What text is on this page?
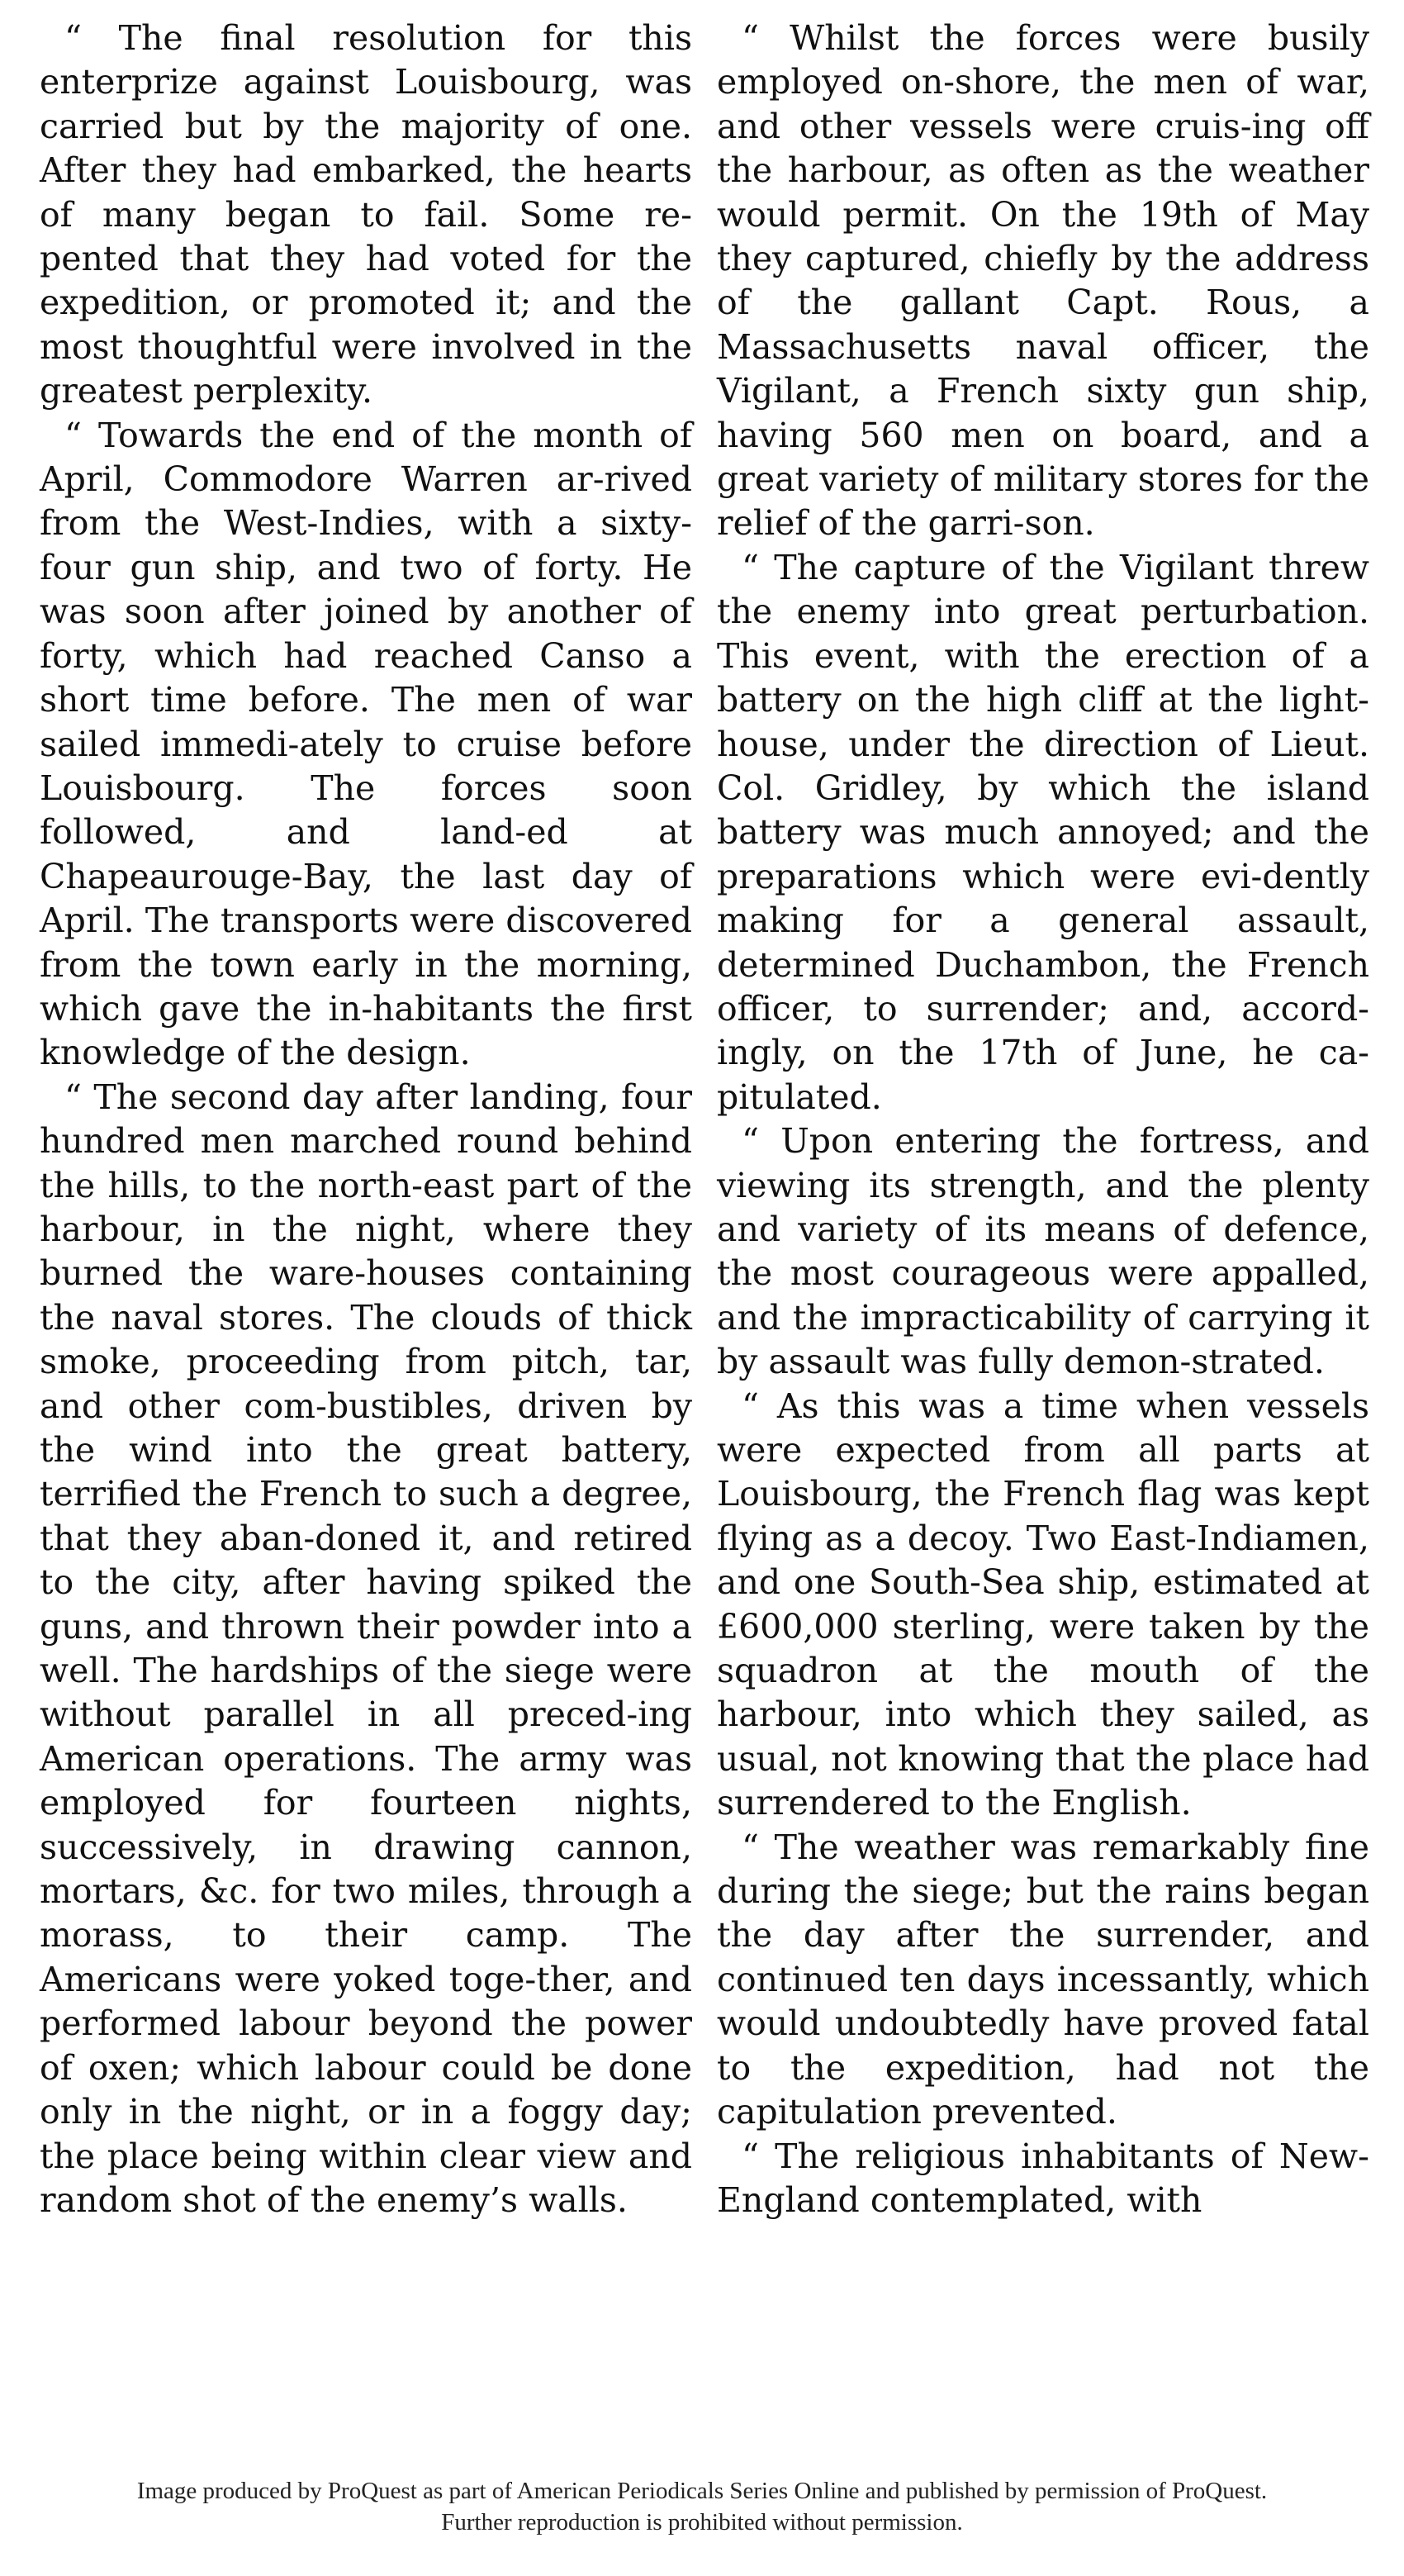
“ The final resolution for this enterprize against Louisbourg, was carried but by the majority of one. After they had embarked, the hearts of many began to fail. Some re-pented that they had voted for the expedition, or promoted it; and the most thoughtful were involved in the greatest perplexity.

“ Towards the end of the month of April, Commodore Warren ar-rived from the West-Indies, with a sixty-four gun ship, and two of forty. He was soon after joined by another of forty, which had reached Canso a short time before. The men of war sailed immedi-ately to cruise before Louisbourg. The forces soon followed, and land-ed at Chapeaurouge-Bay, the last day of April. The transports were discovered from the town early in the morning, which gave the in-habitants the first knowledge of the design.

“ The second day after landing, four hundred men marched round behind the hills, to the north-east part of the harbour, in the night, where they burned the ware-houses containing the naval stores. The clouds of thick smoke, proceeding from pitch, tar, and other com-bustibles, driven by the wind into the great battery, terrified the French to such a degree, that they aban-doned it, and retired to the city, after having spiked the guns, and thrown their powder into a well. The hardships of the siege were without parallel in all preced-ing American operations. The army was employed for fourteen nights, successively, in drawing cannon, mortars, &c. for two miles, through a morass, to their camp. The Americans were yoked toge-ther, and performed labour beyond the power of oxen; which labour could be done only in the night, or in a foggy day; the place being within clear view and random shot of the enemy’s walls.

“ Whilst the forces were busily employed on-shore, the men of war, and other vessels were cruis-ing off the harbour, as often as the weather would permit. On the 19th of May they captured, chiefly by the address of the gallant Capt. Rous, a Massachusetts naval officer, the Vigilant, a French sixty gun ship, having 560 men on board, and a great variety of military stores for the relief of the garri-son.

“ The capture of the Vigilant threw the enemy into great perturbation. This event, with the erection of a battery on the high cliff at the light-house, under the direction of Lieut. Col. Gridley, by which the island battery was much annoyed; and the preparations which were evi-dently making for a general assault, determined Duchambon, the French officer, to surrender; and, accord-ingly, on the 17th of June, he ca-pitulated.

“ Upon entering the fortress, and viewing its strength, and the plenty and variety of its means of defence, the most courageous were appalled, and the impracticability of carrying it by assault was fully demon-strated.

“ As this was a time when vessels were expected from all parts at Louisbourg, the French flag was kept flying as a decoy. Two East-Indiamen, and one South-Sea ship, estimated at £600,000 sterling, were taken by the squadron at the mouth of the harbour, into which they sailed, as usual, not knowing that the place had surrendered to the English.

“ The weather was remarkably fine during the siege; but the rains began the day after the surrender, and continued ten days incessantly, which would undoubtedly have proved fatal to the expedition, had not the capitulation prevented.

“ The religious inhabitants of New-England contemplated, with

Image produced by ProQuest as part of American Periodicals Series Online and published by permission of ProQuest.

Further reproduction is prohibited without permission.
